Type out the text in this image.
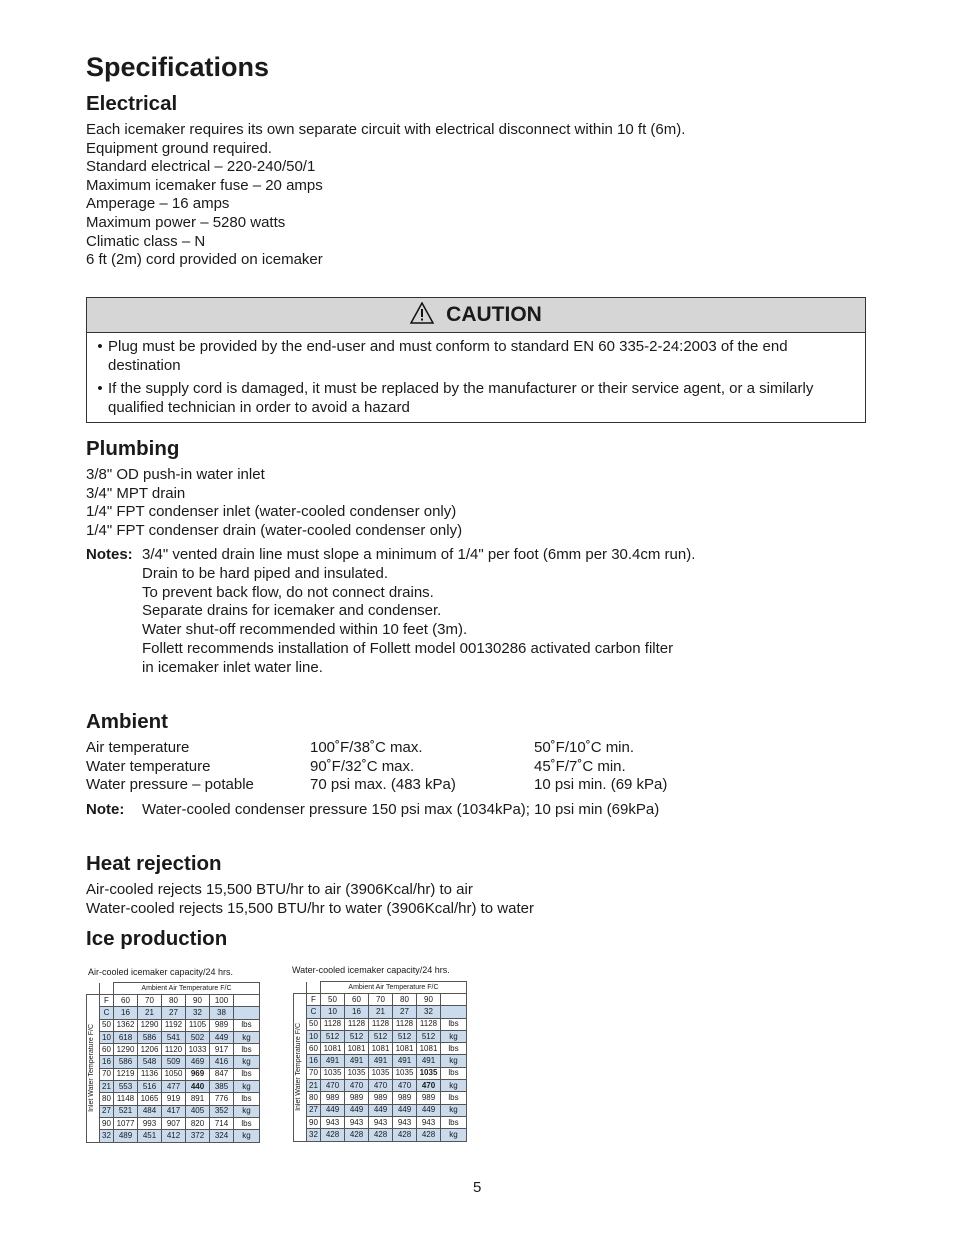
Specifications
Electrical
Each icemaker requires its own separate circuit with electrical disconnect within 10 ft (6m).
Equipment ground required.
Standard electrical – 220-240/50/1
Maximum icemaker fuse – 20 amps
Amperage – 16 amps
Maximum power – 5280 watts
Climatic class – N
6 ft (2m) cord provided on icemaker
CAUTION
• Plug must be provided by the end-user and must conform to standard EN 60 335-2-24:2003 of the end destination
• If the supply cord is damaged, it must be replaced by the manufacturer or their service agent, or a similarly qualified technician in order to avoid a hazard
Plumbing
3/8" OD push-in water inlet
3/4" MPT drain
1/4" FPT condenser inlet (water-cooled condenser only)
1/4" FPT condenser drain (water-cooled condenser only)
Notes: 3/4" vented drain line must slope a minimum of 1/4" per foot (6mm per 30.4cm run).
Drain to be hard piped and insulated.
To prevent back flow, do not connect drains.
Separate drains for icemaker and condenser.
Water shut-off recommended within 10 feet (3m).
Follett recommends installation of Follett model 00130286 activated carbon filter
in icemaker inlet water line.
Ambient
Air temperature	100˚F/38˚C max.	50˚F/10˚C min.
Water temperature	90˚F/32˚C max.	45˚F/7˚C min.
Water pressure – potable	70 psi max. (483 kPa)	10 psi min. (69 kPa)
Note: Water-cooled condenser pressure 150 psi max (1034kPa); 10 psi min (69kPa)
Heat rejection
Air-cooled rejects 15,500 BTU/hr to air (3906Kcal/hr) to air
Water-cooled rejects 15,500 BTU/hr to water (3906Kcal/hr) to water
Ice production
Air-cooled icemaker capacity/24 hrs.
		Ambient Air Temperature F/C					

Inlet Water Temperature F/C	F	60	70	80	90	100	
	C	16	21	27	32	38	
	50	1362	1290	1192	1105	989	lbs
	10	618	586	541	502	449	kg
	60	1290	1206	1120	1033	917	lbs
	16	586	548	509	469	416	kg
	70	1219	1136	1050	969	847	lbs
	21	553	516	477	440	385	kg
	80	1148	1065	919	891	776	lbs
	27	521	484	417	405	352	kg
	90	1077	993	907	820	714	lbs
	32	489	451	412	372	324	kg
Water-cooled icemaker capacity/24 hrs.
		Ambient Air Temperature F/C					

Inlet Water Temperature F/C	F	50	60	70	80	90	
	C	10	16	21	27	32	
	50	1128	1128	1128	1128	1128	lbs
	10	512	512	512	512	512	kg
	60	1081	1081	1081	1081	1081	lbs
	16	491	491	491	491	491	kg
	70	1035	1035	1035	1035	1035	lbs
	21	470	470	470	470	470	kg
	80	989	989	989	989	989	lbs
	27	449	449	449	449	449	kg
	90	943	943	943	943	943	lbs
	32	428	428	428	428	428	kg
5
